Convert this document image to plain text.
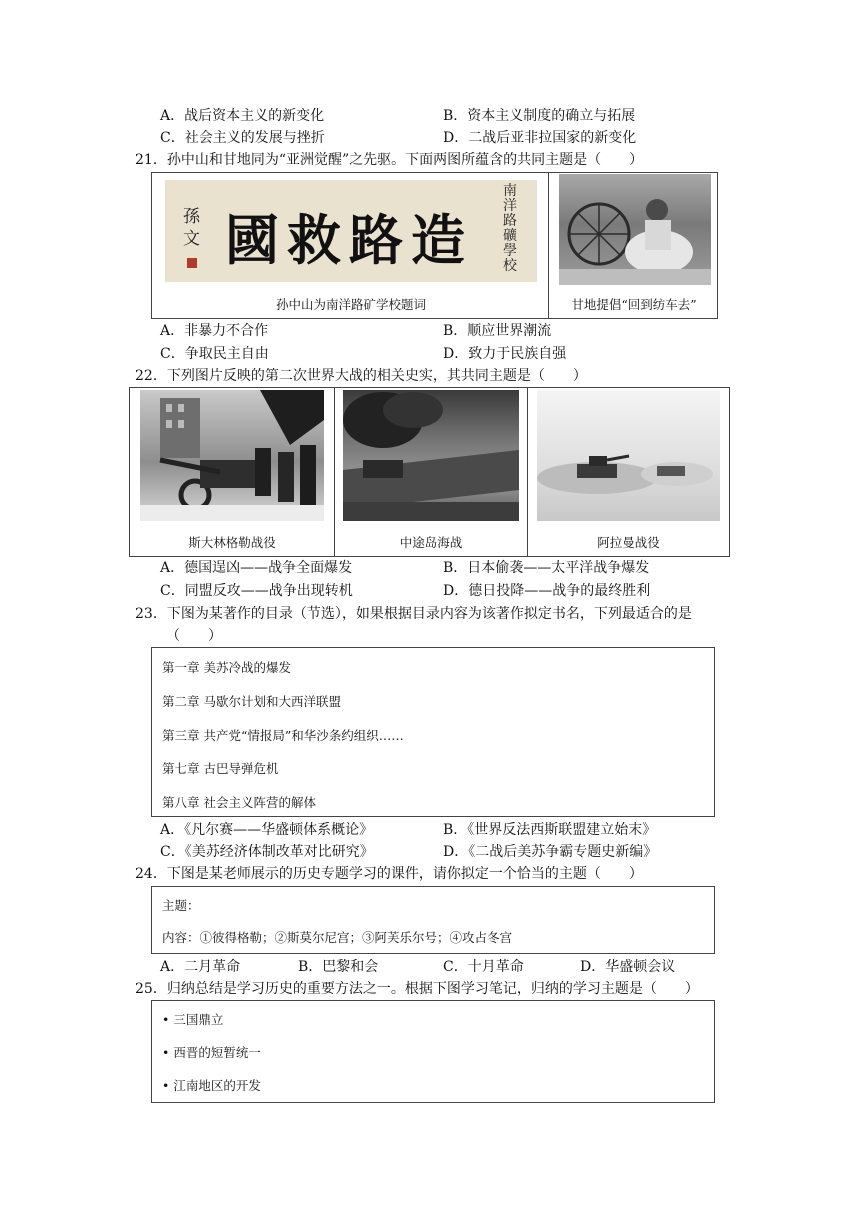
A．战后资本主义的新变化	B．资本主义制度的确立与拓展
C．社会主义的发展与挫折	D．二战后亚非拉国家的新变化
21．孙中山和甘地同为“亚洲觉醒”之先驱。下面两图所蕴含的共同主题是（　　）
國救路造
南洋路礦學校
孫文
孙中山为南洋路矿学校题词	甘地提倡“回到纺车去”
A．非暴力不合作	B．顺应世界潮流
C．争取民主自由	D．致力于民族自强
22．下列图片反映的第二次世界大战的相关史实，其共同主题是（　　）
斯大林格勒战役	中途岛海战	阿拉曼战役
A．德国逞凶——战争全面爆发	B．日本偷袭——太平洋战争爆发
C．同盟反攻——战争出现转机	D．德日投降——战争的最终胜利
23．下图为某著作的目录（节选），如果根据目录内容为该著作拟定书名，下列最适合的是
（　　）
第一章 美苏冷战的爆发
第二章 马歇尔计划和大西洋联盟
第三章 共产党“情报局”和华沙条约组织……
第七章 古巴导弹危机
第八章 社会主义阵营的解体
A．《凡尔赛——华盛顿体系概论》	B．《世界反法西斯联盟建立始末》
C．《美苏经济体制改革对比研究》	D．《二战后美苏争霸专题史新编》
24．下图是某老师展示的历史专题学习的课件，请你拟定一个恰当的主题（　　）
主题：
内容：①彼得格勒；②斯莫尔尼宫；③阿芙乐尔号；④攻占冬宫
A．二月革命	B．巴黎和会	C．十月革命	D．华盛顿会议
25．归纳总结是学习历史的重要方法之一。根据下图学习笔记，归纳的学习主题是（　　）
• 三国鼎立
• 西晋的短暂统一
• 江南地区的开发
